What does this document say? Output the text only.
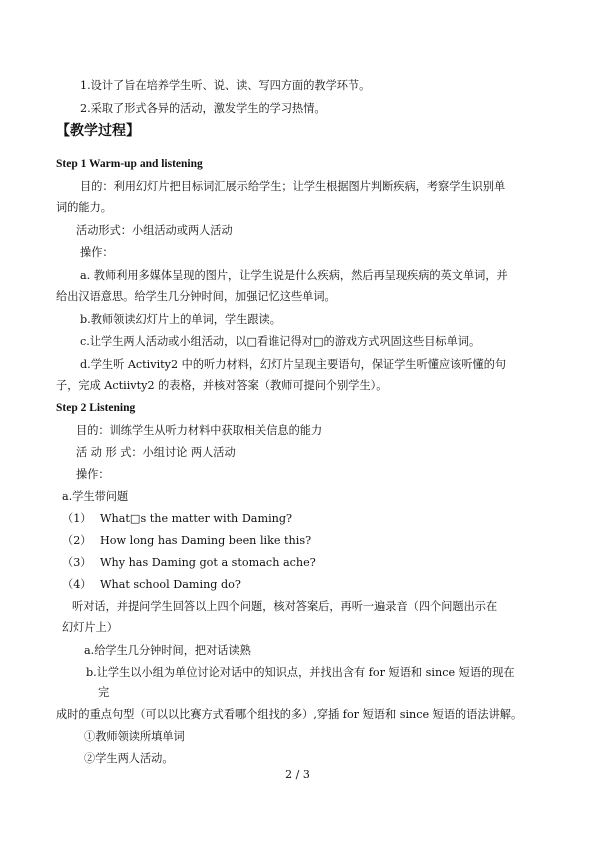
1.设计了旨在培养学生听、说、读、写四方面的教学环节。
2.采取了形式各异的活动，激发学生的学习热情。
【教学过程】
Step 1 Warm-up and listening
目的：利用幻灯片把目标词汇展示给学生；让学生根据图片判断疾病，考察学生识别单
词的能力。
活动形式：小组活动或两人活动
操作：
a. 教师利用多媒体呈现的图片，让学生说是什么疾病，然后再呈现疾病的英文单词，并
给出汉语意思。给学生几分钟时间，加强记忆这些单词。
b.教师领读幻灯片上的单词，学生跟读。
c.让学生两人活动或小组活动，以□看谁记得对□的游戏方式巩固这些目标单词。
d.学生听 Activity2 中的听力材料，幻灯片呈现主要语句，保证学生听懂应该听懂的句
子，完成 Actiivty2 的表格，并核对答案（教师可提问个别学生）。
Step 2 Listening
目的：训练学生从听力材料中获取相关信息的能力
活 动 形 式：小组讨论 两人活动
操作：
a.学生带问题
（1） What□s the matter with Daming?
（2） How long has Daming been like this?
（3） Why has Daming got a stomach ache?
（4） What school Daming do?
听对话，并提问学生回答以上四个问题，核对答案后，再听一遍录音（四个问题出示在
幻灯片上）
a.给学生几分钟时间，把对话读熟
b.让学生以小组为单位讨论对话中的知识点，并找出含有 for 短语和 since 短语的现在
完
成时的重点句型（可以以比赛方式看哪个组找的多）,穿插 for 短语和 since 短语的语法讲解。
①教师领读所填单词
②学生两人活动。
2 / 3
